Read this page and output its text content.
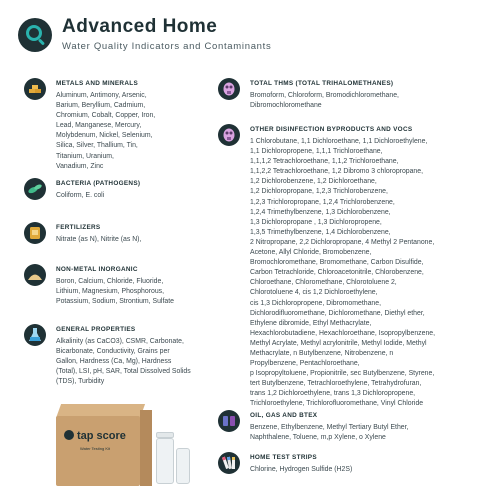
Advanced Home
Water Quality Indicators and Contaminants
METALS AND MINERALS
Aluminum, Antimony, Arsenic,
Barium, Beryllium, Cadmium,
Chromium, Cobalt, Copper, Iron,
Lead, Manganese, Mercury,
Molybdenum, Nickel, Selenium,
Silica, Silver, Thallium, Tin,
Titanium, Uranium,
Vanadium, Zinc
BACTERIA (PATHOGENS)
Coliform, E. coli
FERTILIZERS
Nitrate (as N), Nitrite (as N),
NON-METAL INORGANIC
Boron, Calcium, Chloride, Fluoride,
Lithium, Magnesium, Phosphorous,
Potassium, Sodium, Strontium, Sulfate
GENERAL PROPERTIES
Alkalinity (as CaCO3), CSMR, Carbonate,
Bicarbonate, Conductivity, Grains per
Gallon, Hardness (Ca, Mg), Hardness
(Total), LSI, pH, SAR, Total Dissolved Solids
(TDS), Turbidity
tap score
Water Testing Kit
TOTAL THMS (TOTAL TRIHALOMETHANES)
Bromoform, Chloroform, Bromodichloromethane,
Dibromochloromethane
OTHER DISINFECTION BYPRODUCTS AND VOCS
1 Chlorobutane, 1,1 Dichloroethane, 1,1 Dichloroethylene,
1,1 Dichloropropene, 1,1,1 Trichloroethane,
1,1,1,2 Tetrachloroethane, 1,1,2 Trichloroethane,
1,1,2,2 Tetrachloroethane, 1,2 Dibromo 3 chloropropane,
1,2 Dichlorobenzene, 1,2 Dichloroethane,
1,2 Dichloropropane, 1,2,3 Trichlorobenzene,
1,2,3 Trichloropropane, 1,2,4 Trichlorobenzene,
1,2,4 Trimethylbenzene, 1,3 Dichlorobenzene,
1,3 Dichloropropane , 1,3 Dichloropropene,
1,3,5 Trimethylbenzene, 1,4 Dichlorobenzene,
2 Nitropropane, 2,2 Dichloropropane, 4 Methyl 2 Pentanone,
Acetone, Allyl Chloride, Bromobenzene,
Bromochloromethane, Bromomethane, Carbon Disulfide,
Carbon Tetrachloride, Chloroacetonitrile, Chlorobenzene,
Chloroethane, Chloromethane, Chlorotoluene 2,
Chlorotoluene 4, cis 1,2 Dichloroethylene,
cis 1,3 Dichloropropene, Dibromomethane,
Dichlorodifluoromethane, Dichloromethane, Diethyl ether,
Ethylene dibromide, Ethyl Methacrylate,
Hexachlorobutadiene, Hexachloroethane, Isopropylbenzene,
Methyl Acrylate, Methyl acrylonitrile, Methyl Iodide, Methyl
Methacrylate, n Butylbenzene, Nitrobenzene, n
Propylbenzene, Pentachloroethane,
p Isopropyltoluene, Propionitrile, sec Butylbenzene, Styrene,
tert Butylbenzene, Tetrachloroethylene, Tetrahydrofuran,
trans 1,2 Dichloroethylene, trans 1,3 Dichloropropene,
Trichloroethylene, Trichlorofluoromethane, Vinyl Chloride
OIL, GAS AND BTEX
Benzene, Ethylbenzene, Methyl Tertiary Butyl Ether,
Naphthalene, Toluene, m,p Xylene, o Xylene
HOME TEST STRIPS
Chlorine, Hydrogen Sulfide (H2S)
